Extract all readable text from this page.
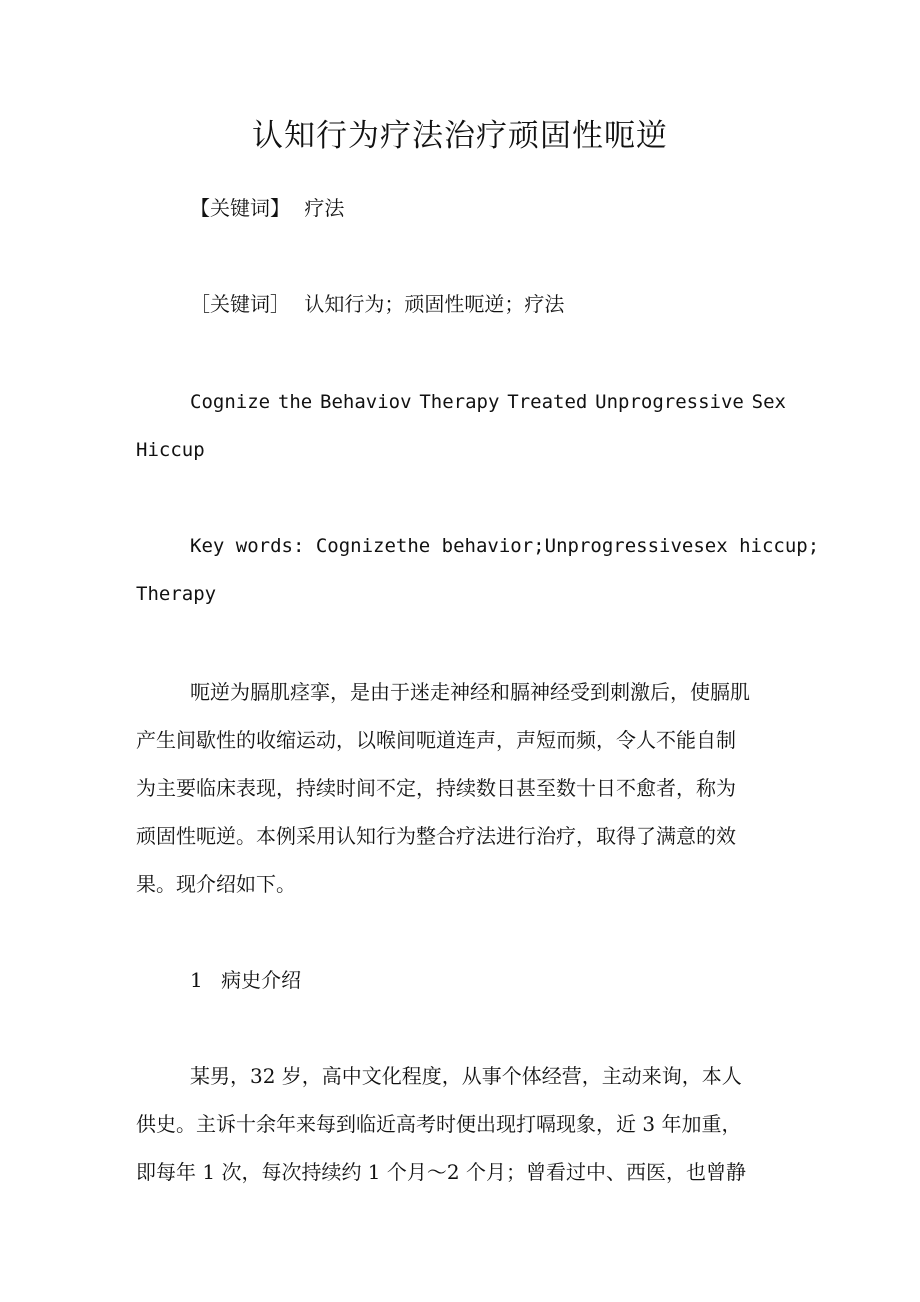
认知行为疗法治疗顽固性呃逆

【关键词】 疗法

［关键词］ 认知行为；顽固性呃逆；疗法

Cognize the Behaviov Therapy Treated Unprogressive Sex

Hiccup

Key words: Cognize the behavior; Unprogressive sex hiccup;

Therapy

呃逆为膈肌痉挛，是由于迷走神经和膈神经受到刺激后，使膈肌

产生间歇性的收缩运动，以喉间呃道连声，声短而频，令人不能自制

为主要临床表现，持续时间不定，持续数日甚至数十日不愈者，称为

顽固性呃逆。本例采用认知行为整合疗法进行治疗，取得了满意的效

果。现介绍如下。

1 病史介绍

某男，32 岁，高中文化程度，从事个体经营，主动来询，本人

供史。主诉十余年来每到临近高考时便出现打嗝现象，近 3 年加重，

即每年 1 次，每次持续约 1 个月～2 个月；曾看过中、西医，也曾静
